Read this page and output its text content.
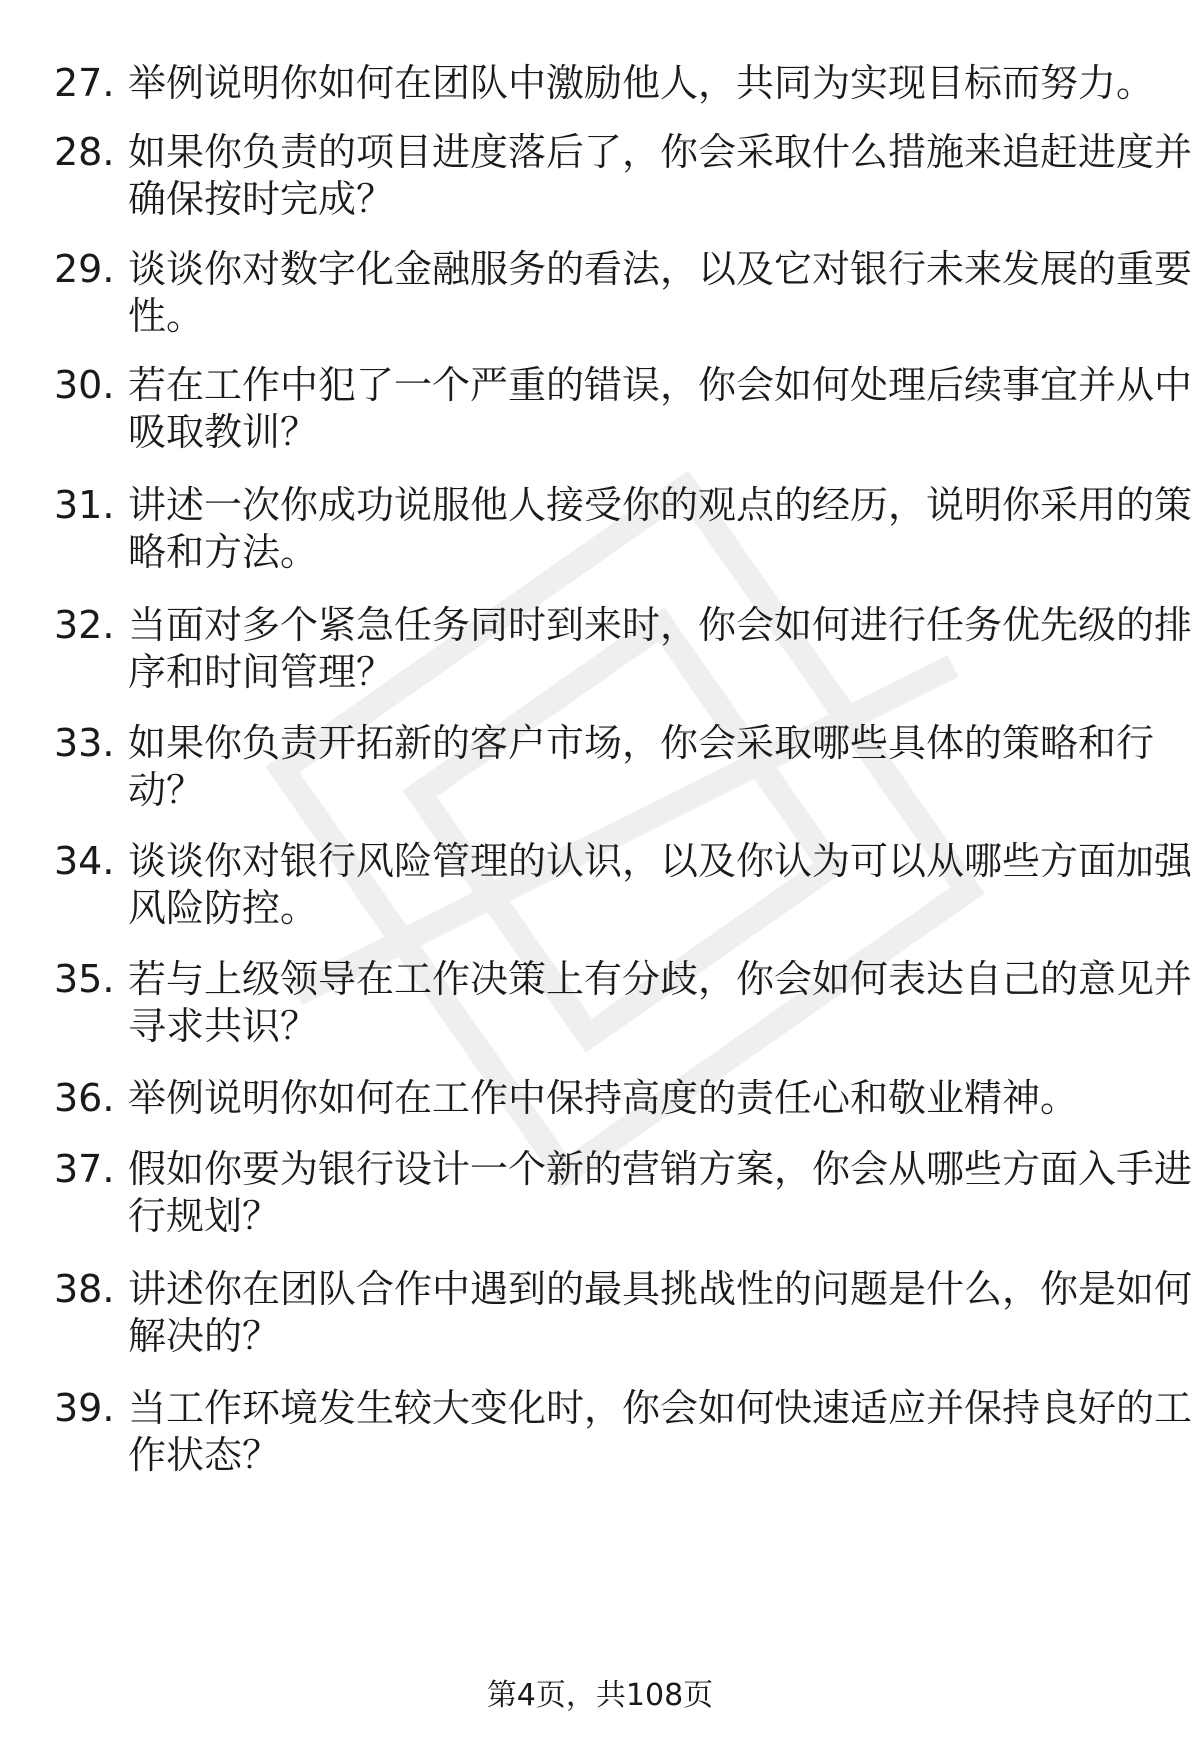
27. 举例说明你如何在团队中激励他人，共同为实现目标而努力。
28. 如果你负责的项目进度落后了，你会采取什么措施来追赶进度并
确保按时完成？
29. 谈谈你对数字化金融服务的看法，以及它对银行未来发展的重要
性。
30. 若在工作中犯了一个严重的错误，你会如何处理后续事宜并从中
吸取教训？
31. 讲述一次你成功说服他人接受你的观点的经历，说明你采用的策
略和方法。
32. 当面对多个紧急任务同时到来时，你会如何进行任务优先级的排
序和时间管理？
33. 如果你负责开拓新的客户市场，你会采取哪些具体的策略和行
动？
34. 谈谈你对银行风险管理的认识，以及你认为可以从哪些方面加强
风险防控。
35. 若与上级领导在工作决策上有分歧，你会如何表达自己的意见并
寻求共识？
36. 举例说明你如何在工作中保持高度的责任心和敬业精神。
37. 假如你要为银行设计一个新的营销方案，你会从哪些方面入手进
行规划？
38. 讲述你在团队合作中遇到的最具挑战性的问题是什么，你是如何
解决的？
39. 当工作环境发生较大变化时，你会如何快速适应并保持良好的工
作状态？
第4页，共108页
